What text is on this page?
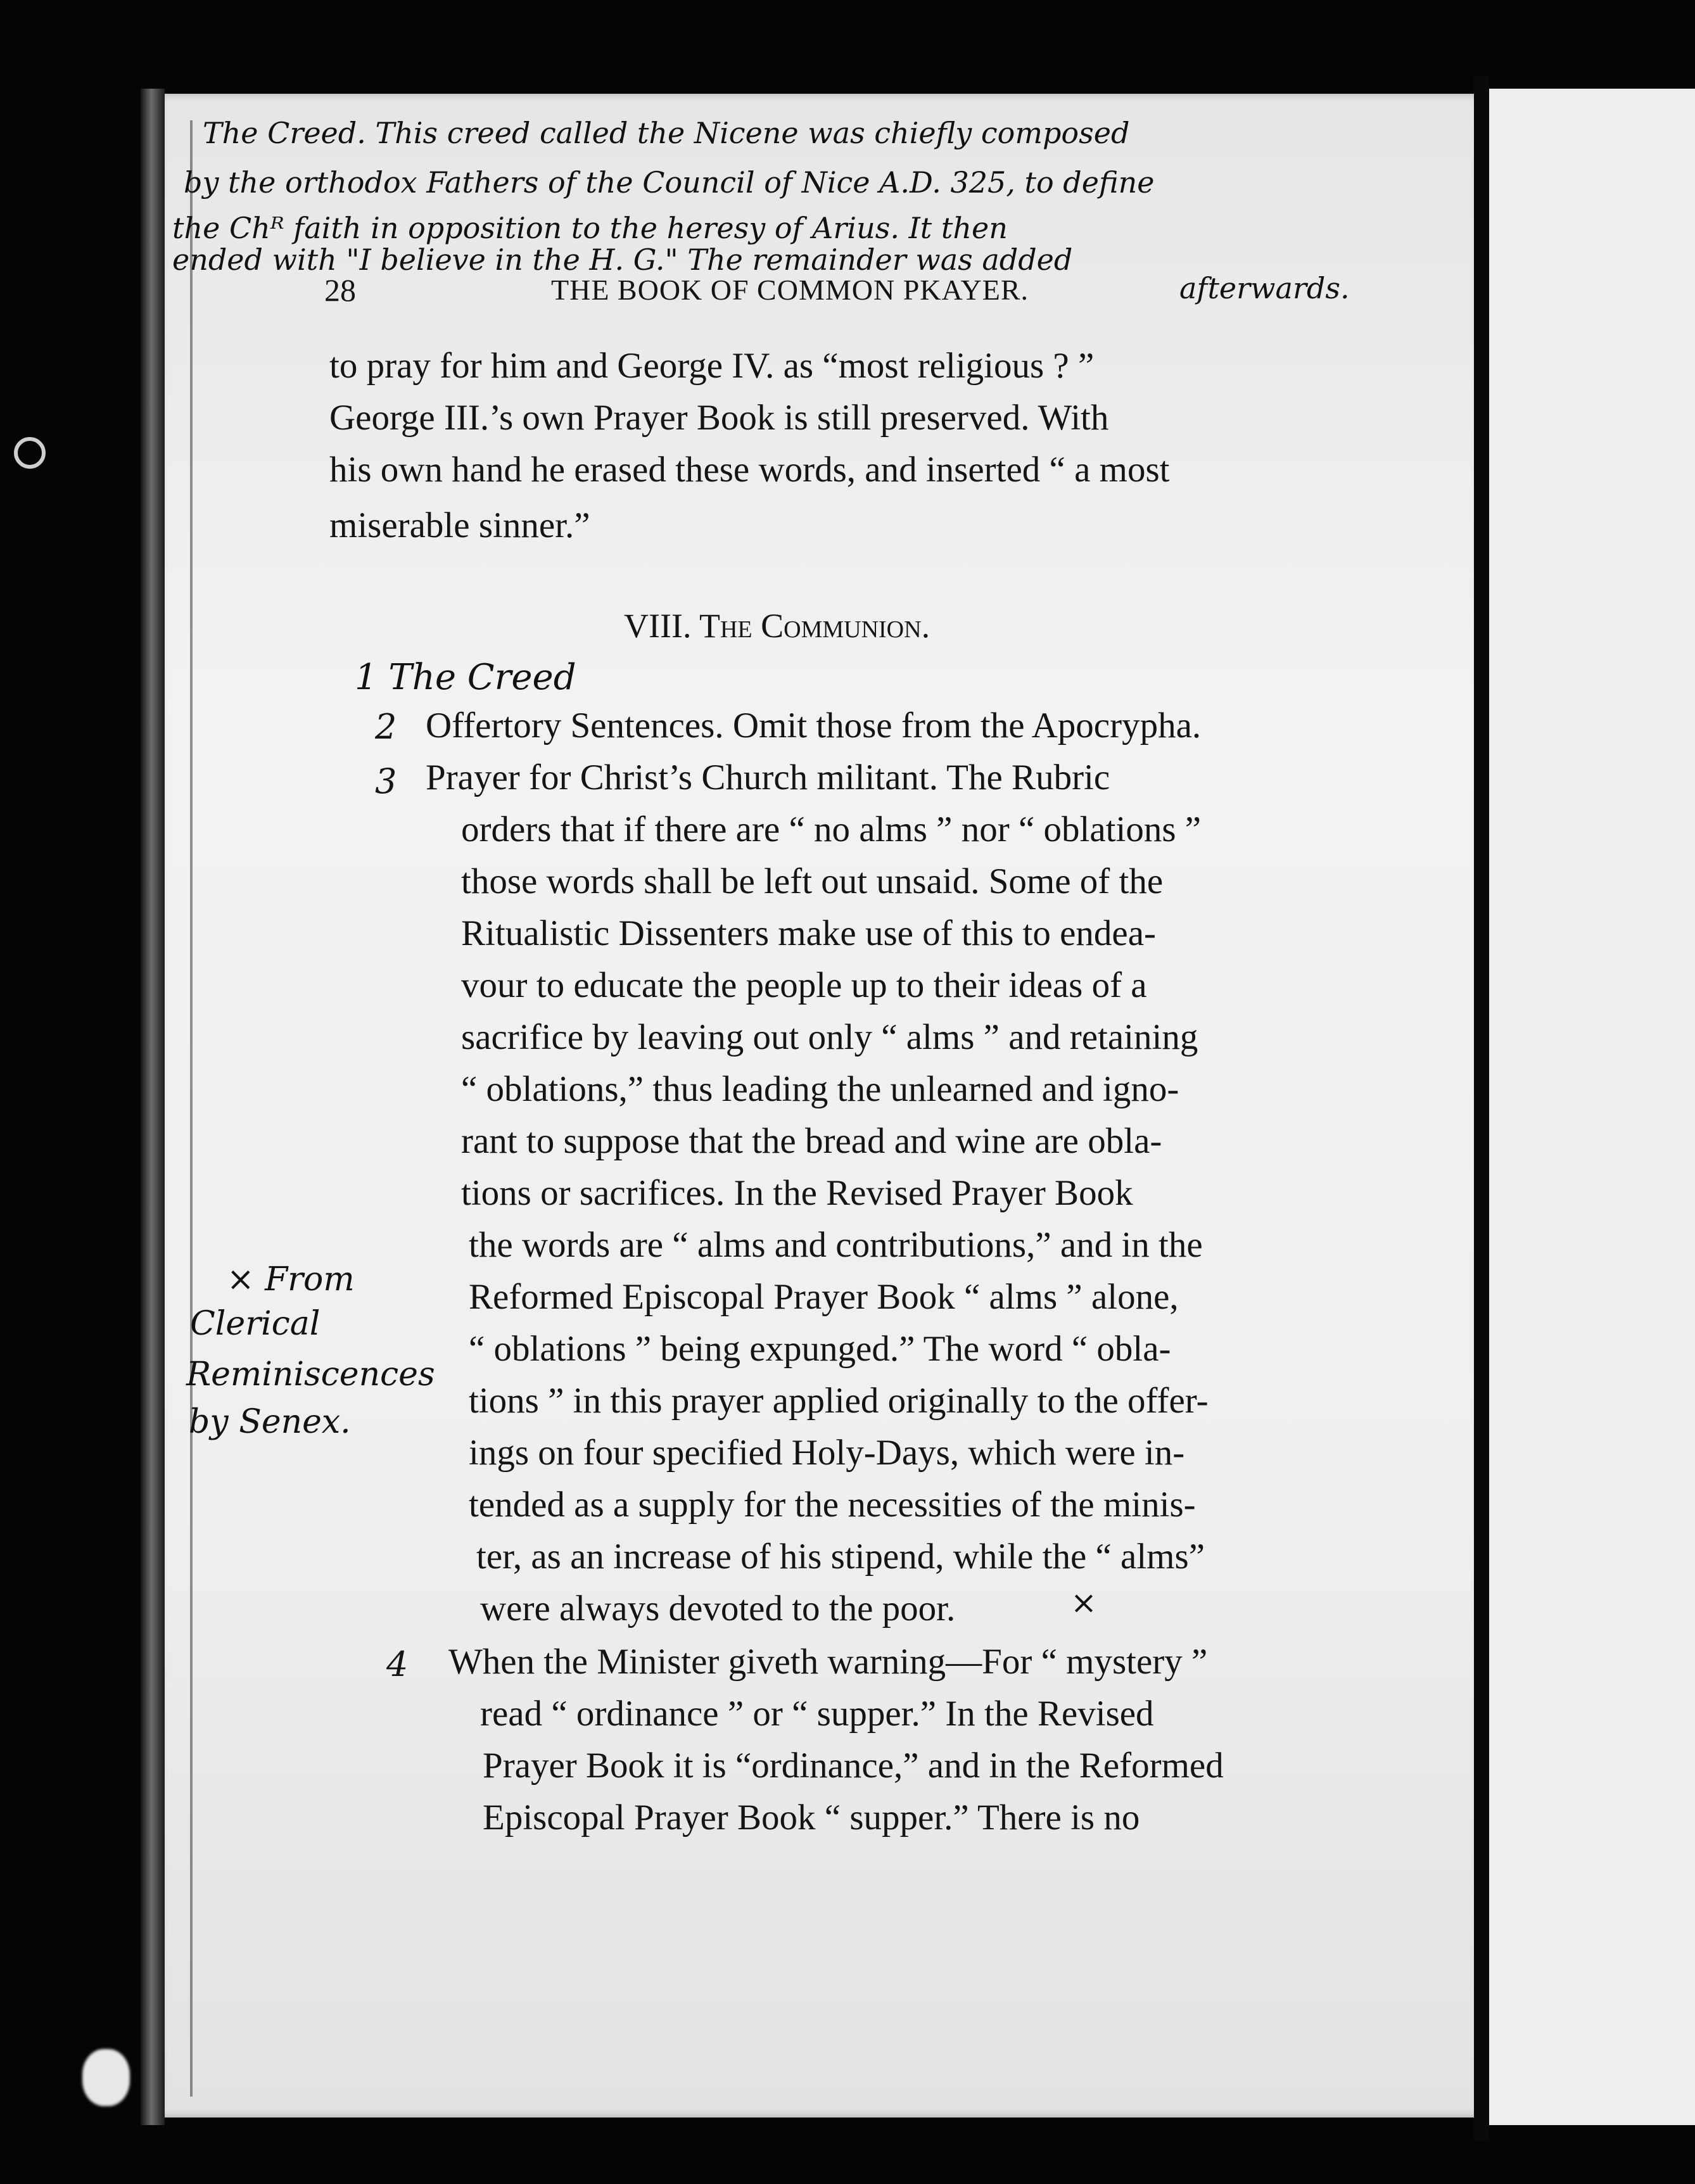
The Creed. This creed called the Nicene was chiefly composed
by the orthodox Fathers of the Council of Nice A.D. 325, to define
the Chᴿ faith in opposition to the heresy of Arius. It then
ended with "I believe in the H. G." The remainder was added
afterwards.
28	THE BOOK OF COMMON PKAYER.
to pray for him and George IV. as “most religious ? ”
George III.’s own Prayer Book is still preserved. With
his own hand he erased these words, and inserted “ a most
miserable sinner.”
VIII. The Communion.
1 The Creed
2 Offertory Sentences. Omit those from the Apocrypha.
3 Prayer for Christ’s Church militant. The Rubric
orders that if there are “ no alms ” nor “ oblations ”
those words shall be left out unsaid. Some of the
Ritualistic Dissenters make use of this to endea-
vour to educate the people up to their ideas of a
sacrifice by leaving out only “ alms ” and retaining
“ oblations,” thus leading the unlearned and igno-
rant to suppose that the bread and wine are obla-
tions or sacrifices. In the Revised Prayer Book
the words are “ alms and contributions,” and in the
Reformed Episcopal Prayer Book “ alms ” alone,
“ oblations ” being expunged.” The word “ obla-
tions ” in this prayer applied originally to the offer-
ings on four specified Holy-Days, which were in-
tended as a supply for the necessities of the minis-
ter, as an increase of his stipend, while the “ alms”
were always devoted to the poor.	×
× From
Clerical
Reminiscences
by Senex.
4 When the Minister giveth warning—For “ mystery ”
read “ ordinance ” or “ supper.” In the Revised
Prayer Book it is “ordinance,” and in the Reformed
Episcopal Prayer Book “ supper.” There is no
